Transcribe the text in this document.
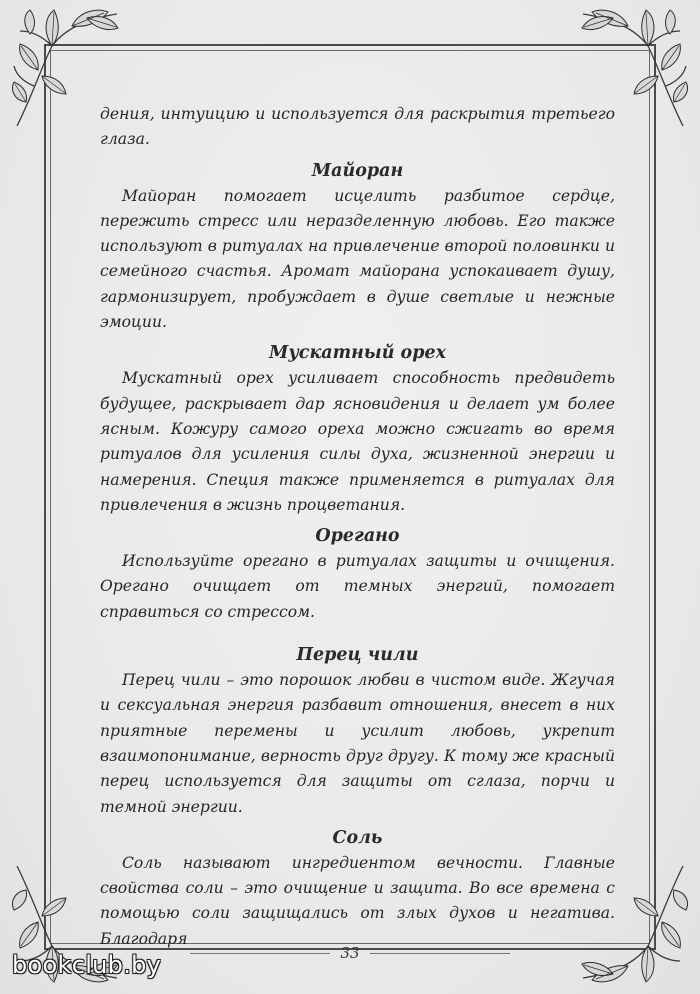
дения, интуицию и используется для раскрытия третьего глаза.

Майоран

Майоран помогает исцелить разбитое сердце, пережить стресс или неразделенную любовь. Его также используют в ритуалах на привлечение второй половинки и семейного счастья. Аромат майорана успокаивает душу, гармонизирует, пробуждает в душе светлые и нежные эмоции.

Мускатный орех

Мускатный орех усиливает способность предвидеть будущее, раскрывает дар ясновидения и делает ум более ясным. Кожуру самого ореха можно сжигать во время ритуалов для усиления силы духа, жизненной энергии и намерения. Специя также применяется в ритуалах для привлечения в жизнь процветания.

Орегано

Используйте орегано в ритуалах защиты и очищения. Орегано очищает от темных энергий, помогает справиться со стрессом.

Перец чили

Перец чили – это порошок любви в чистом виде. Жгучая и сексуальная энергия разбавит отношения, внесет в них приятные перемены и усилит любовь, укрепит взаимопонимание, верность друг другу. К тому же красный перец используется для защиты от сглаза, порчи и темной энергии.

Соль

Соль называют ингредиентом вечности. Главные свойства соли – это очищение и защита. Во все времена с помощью соли защищались от злых духов и негатива. Благодаря

33
bookclub.by
